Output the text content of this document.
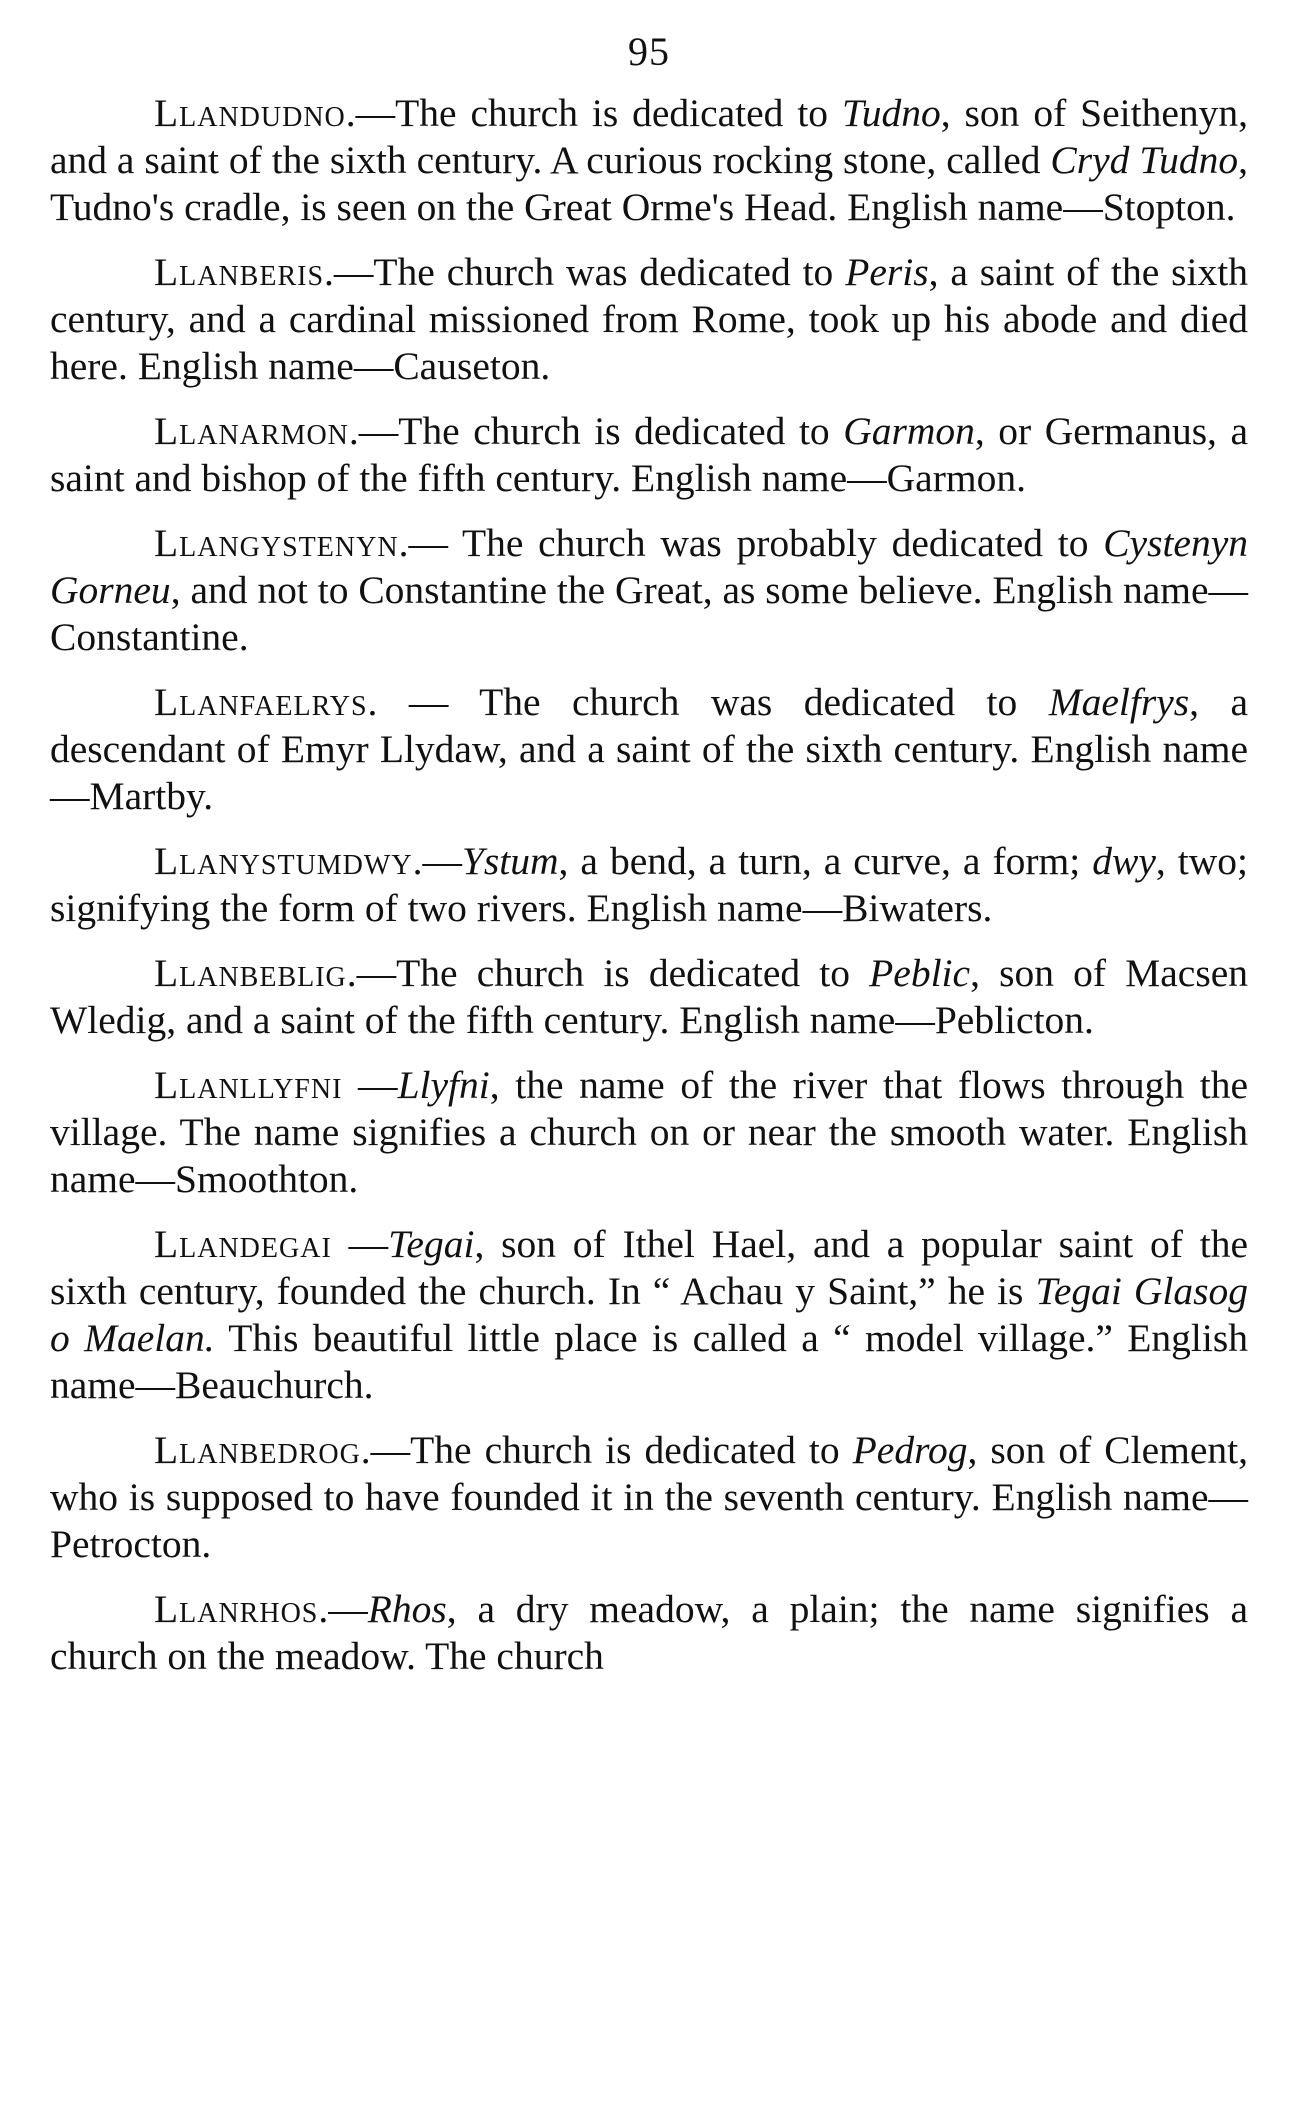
95

Llandudno.—The church is dedicated to Tudno, son of Seithenyn, and a saint of the sixth century. A curious rocking stone, called Cryd Tudno, Tudno's cradle, is seen on the Great Orme's Head. English name—Stopton.

Llanberis.—The church was dedicated to Peris, a saint of the sixth century, and a cardinal missioned from Rome, took up his abode and died here. English name—Causeton.

Llanarmon.—The church is dedicated to Garmon, or Germanus, a saint and bishop of the fifth century. English name—Garmon.

Llangystenyn.— The church was probably dedicated to Cystenyn Gorneu, and not to Constantine the Great, as some believe. English name—Constantine.

Llanfaelrys. — The church was dedicated to Maelfrys, a descendant of Emyr Llydaw, and a saint of the sixth century. English name—Martby.

Llanystumdwy.—Ystum, a bend, a turn, a curve, a form; dwy, two; signifying the form of two rivers. English name—Biwaters.

Llanbeblig.—The church is dedicated to Peblic, son of Macsen Wledig, and a saint of the fifth century. English name—Peblicton.

Llanllyfni —Llyfni, the name of the river that flows through the village. The name signifies a church on or near the smooth water. English name—Smoothton.

Llandegai —Tegai, son of Ithel Hael, and a popular saint of the sixth century, founded the church. In “ Achau y Saint,” he is Tegai Glasog o Maelan. This beautiful little place is called a “ model village.” English name—Beauchurch.

Llanbedrog.—The church is dedicated to Pedrog, son of Clement, who is supposed to have founded it in the seventh century. English name—Petrocton.

Llanrhos.—Rhos, a dry meadow, a plain; the name signifies a church on the meadow. The church
